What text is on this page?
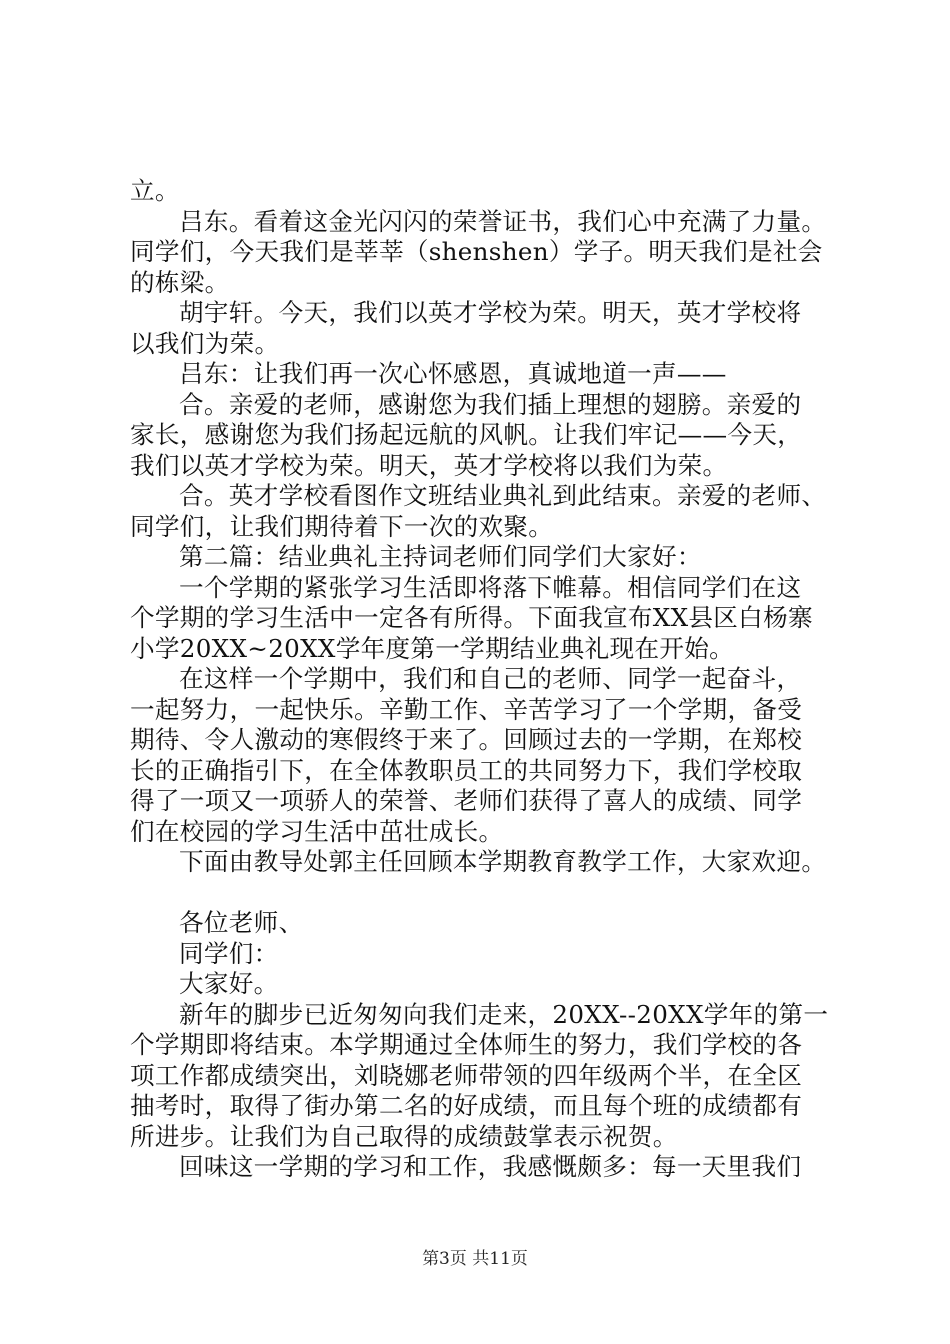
立。

吕东。看着这金光闪闪的荣誉证书，我们心中充满了力量。

同学们，今天我们是莘莘（shenshen）学子。明天我们是社会

的栋梁。

胡宇轩。今天，我们以英才学校为荣。明天，英才学校将

以我们为荣。

吕东：让我们再一次心怀感恩，真诚地道一声——

合。亲爱的老师，感谢您为我们插上理想的翅膀。亲爱的

家长，感谢您为我们扬起远航的风帆。让我们牢记——今天，

我们以英才学校为荣。明天，英才学校将以我们为荣。

合。英才学校看图作文班结业典礼到此结束。亲爱的老师、

同学们，让我们期待着下一次的欢聚。

第二篇：结业典礼主持词老师们同学们大家好：

一个学期的紧张学习生活即将落下帷幕。相信同学们在这

个学期的学习生活中一定各有所得。下面我宣布XX县区白杨寨

小学20XX~20XX学年度第一学期结业典礼现在开始。

在这样一个学期中，我们和自己的老师、同学一起奋斗，

一起努力，一起快乐。辛勤工作、辛苦学习了一个学期，备受

期待、令人激动的寒假终于来了。回顾过去的一学期，在郑校

长的正确指引下，在全体教职员工的共同努力下，我们学校取

得了一项又一项骄人的荣誉、老师们获得了喜人的成绩、同学

们在校园的学习生活中茁壮成长。

下面由教导处郭主任回顾本学期教育教学工作，大家欢迎。

各位老师、

同学们：

大家好。

新年的脚步已近匆匆向我们走来，20XX--20XX学年的第一

个学期即将结束。本学期通过全体师生的努力，我们学校的各

项工作都成绩突出，刘晓娜老师带领的四年级两个半，在全区

抽考时，取得了街办第二名的好成绩，而且每个班的成绩都有

所进步。让我们为自己取得的成绩鼓掌表示祝贺。

回味这一学期的学习和工作，我感慨颇多：每一天里我们

第3页 共11页
